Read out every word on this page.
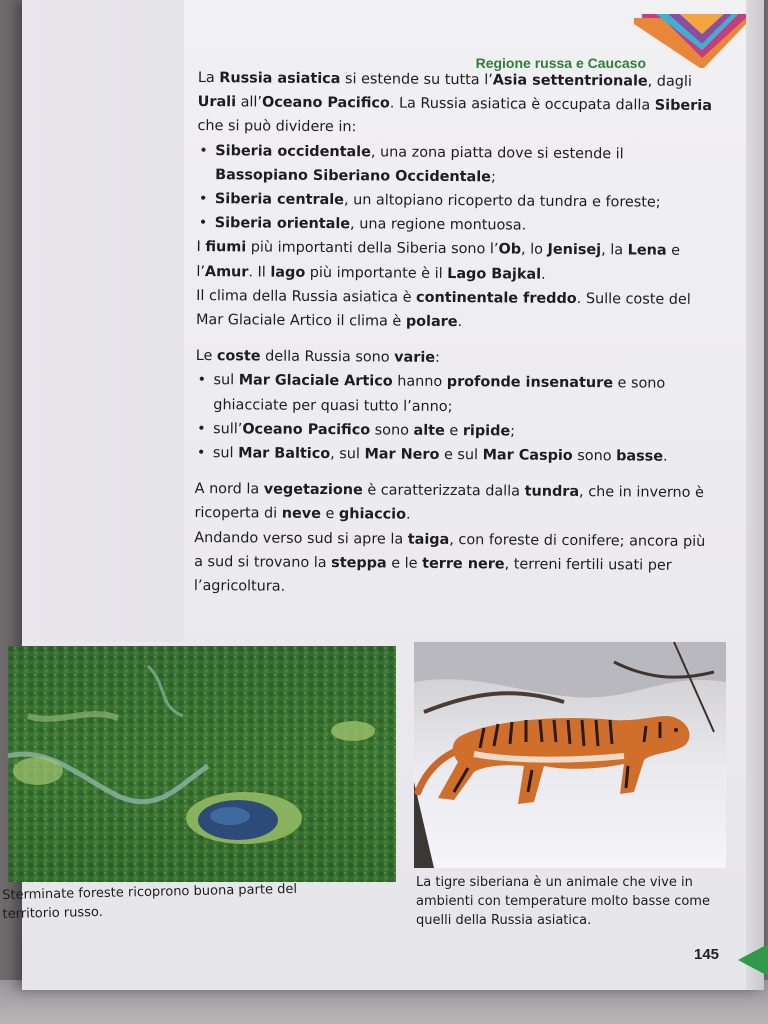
Regione russa e Caucaso

La Russia asiatica si estende su tutta l’Asia settentrionale, dagli Urali all’Oceano Pacifico. La Russia asiatica è occupata dalla Siberia che si può dividere in:

• Siberia occidentale, una zona piatta dove si estende il Bassopiano Siberiano Occidentale;
• Siberia centrale, un altopiano ricoperto da tundra e foreste;
• Siberia orientale, una regione montuosa.

I fiumi più importanti della Siberia sono l’Ob, lo Jenisej, la Lena e l’Amur. Il lago più importante è il Lago Bajkal.

Il clima della Russia asiatica è continentale freddo. Sulle coste del Mar Glaciale Artico il clima è polare.

Le coste della Russia sono varie:

• sul Mar Glaciale Artico hanno profonde insenature e sono ghiacciate per quasi tutto l’anno;
• sull’Oceano Pacifico sono alte e ripide;
• sul Mar Baltico, sul Mar Nero e sul Mar Caspio sono basse.

A nord la vegetazione è caratterizzata dalla tundra, che in inverno è ricoperta di neve e ghiaccio.

Andando verso sud si apre la taiga, con foreste di conifere; ancora più a sud si trovano la steppa e le terre nere, terreni fertili usati per l’agricoltura.

Sterminate foreste ricoprono buona parte del territorio russo.
La tigre siberiana è un animale che vive in ambienti con temperature molto basse come quelli della Russia asiatica.
145
